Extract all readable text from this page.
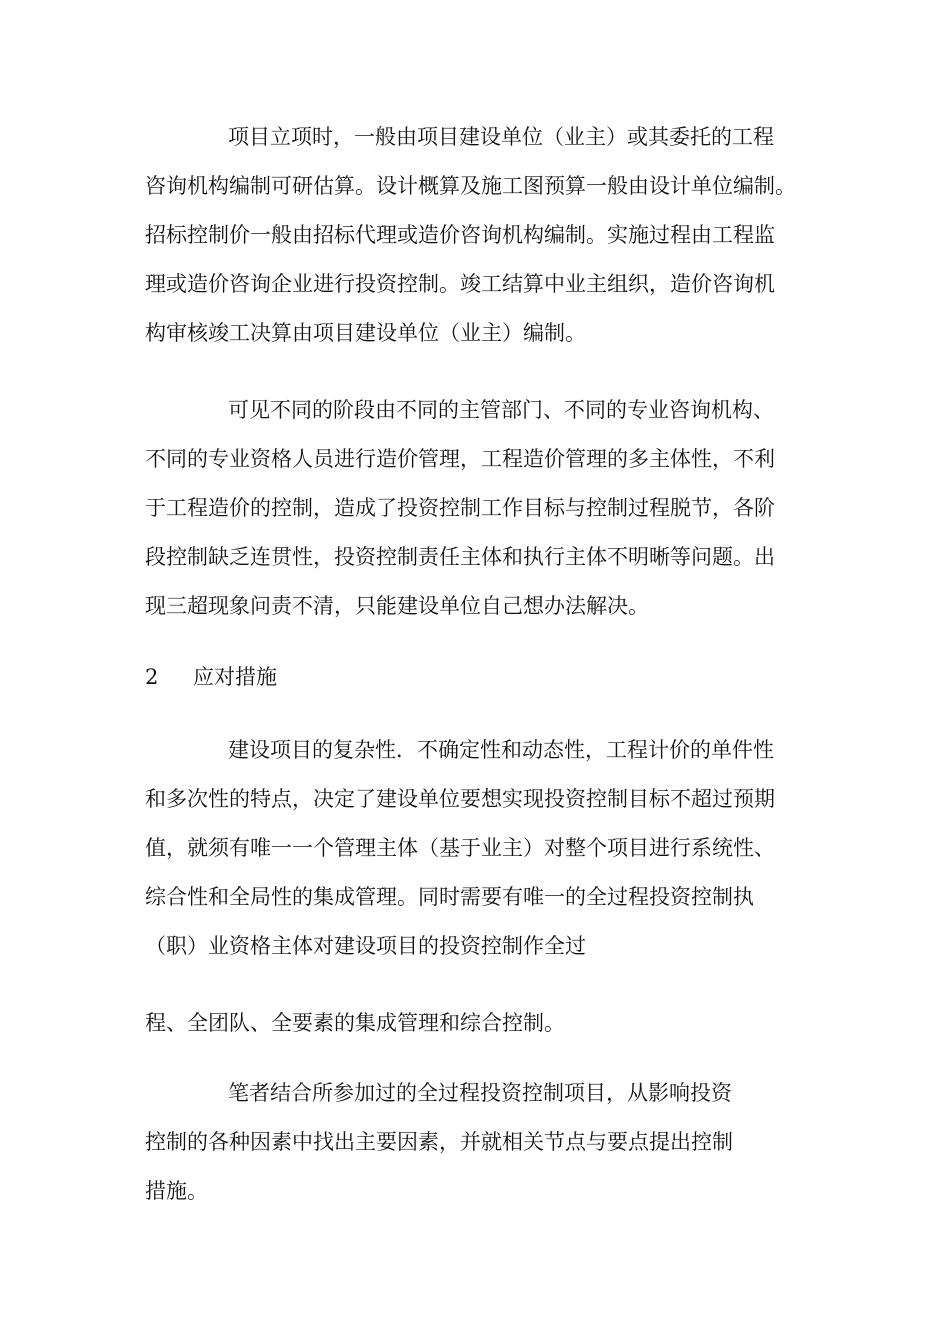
项目立项时，一般由项目建设单位（业主）或其委托的工程
咨询机构编制可研估算。设计概算及施工图预算一般由设计单位编制。
招标控制价一般由招标代理或造价咨询机构编制。实施过程由工程监
理或造价咨询企业进行投资控制。竣工结算中业主组织，造价咨询机
构审核竣工决算由项目建设单位（业主）编制。
可见不同的阶段由不同的主管部门、不同的专业咨询机构、
不同的专业资格人员进行造价管理，工程造价管理的多主体性，不利
于工程造价的控制，造成了投资控制工作目标与控制过程脱节，各阶
段控制缺乏连贯性，投资控制责任主体和执行主体不明晰等问题。出
现三超现象问责不清，只能建设单位自己想办法解决。
2 应对措施
建设项目的复杂性．不确定性和动态性，工程计价的单件性
和多次性的特点，决定了建设单位要想实现投资控制目标不超过预期
值，就须有唯一一个管理主体（基于业主）对整个项目进行系统性、
综合性和全局性的集成管理。同时需要有唯一的全过程投资控制执
（职）业资格主体对建设项目的投资控制作全过
程、全团队、全要素的集成管理和综合控制。
笔者结合所参加过的全过程投资控制项目，从影响投资
控制的各种因素中找出主要因素，并就相关节点与要点提出控制
措施。
